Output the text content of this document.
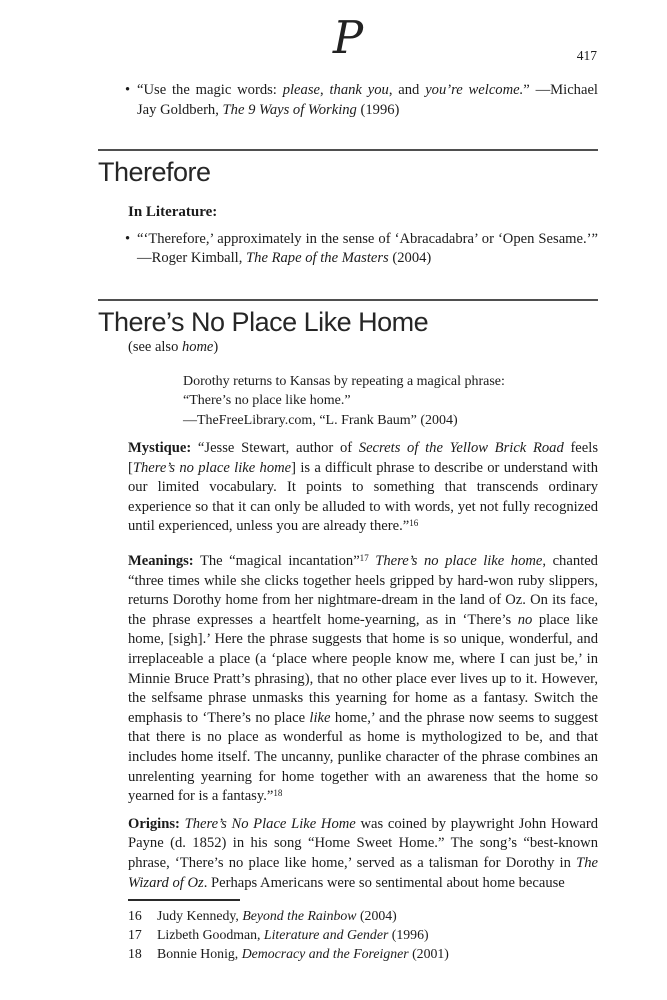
P	417
• “Use the magic words: please, thank you, and you’re welcome.” —Michael Jay Goldberh, The 9 Ways of Working (1996)
Therefore
In Literature:
• “‘Therefore,’ approximately in the sense of ‘Abracadabra’ or ‘Open Sesame.’” —Roger Kimball, The Rape of the Masters (2004)
There’s No Place Like Home
(see also home)
Dorothy returns to Kansas by repeating a magical phrase:
“There’s no place like home.”
—TheFreeLibrary.com, “L. Frank Baum” (2004)

Mystique: “Jesse Stewart, author of Secrets of the Yellow Brick Road feels [There’s no place like home] is a difficult phrase to describe or understand with our limited vocabulary. It points to something that transcends ordinary experience so that it can only be alluded to with words, yet not fully recognized until experienced, unless you are already there.”$^{16}$

Meanings: The “magical incantation”$^{17}$ There’s no place like home, chanted “three times while she clicks together heels gripped by hard-won ruby slippers, returns Dorothy home from her nightmare-dream in the land of Oz. On its face, the phrase expresses a heartfelt home-yearning, as in ‘There’s no place like home, [sigh].’ Here the phrase suggests that home is so unique, wonderful, and irreplaceable a place (a ‘place where people know me, where I can just be,’ in Minnie Bruce Pratt’s phrasing), that no other place ever lives up to it. However, the selfsame phrase unmasks this yearning for home as a fantasy. Switch the emphasis to ‘There’s no place like home,’ and the phrase now seems to suggest that there is no place as wonderful as home is mythologized to be, and that includes home itself. The uncanny, punlike character of the phrase combines an unrelenting yearning for home together with an awareness that the home so yearned for is a fantasy.”$^{18}$

Origins: There’s No Place Like Home was coined by playwright John Howard Payne (d. 1852) in his song “Home Sweet Home.” The song’s “best-known phrase, ‘There’s no place like home,’ served as a talisman for Dorothy in The Wizard of Oz. Perhaps Americans were so sentimental about home because

16	Judy Kennedy, Beyond the Rainbow (2004)
17	Lizbeth Goodman, Literature and Gender (1996)
18	Bonnie Honig, Democracy and the Foreigner (2001)
